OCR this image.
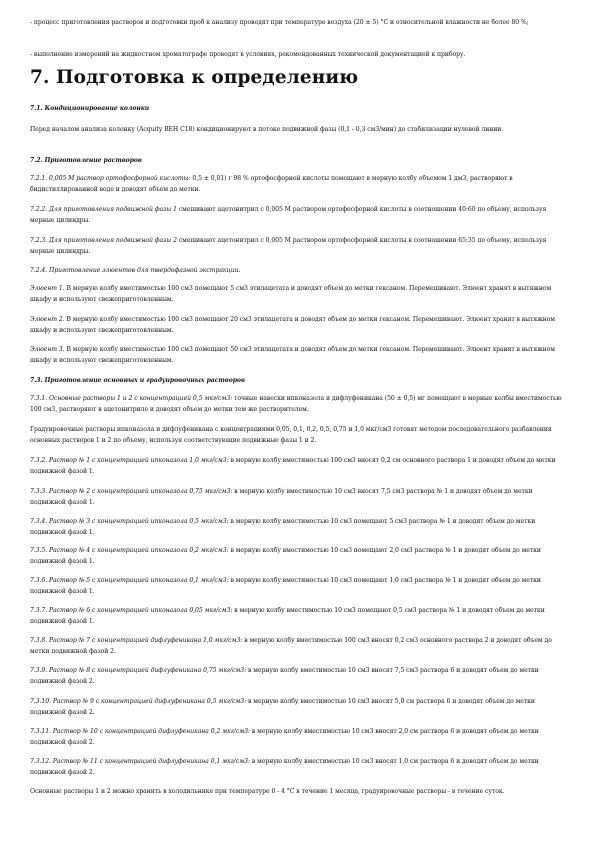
- процесс приготовления растворов и подготовки проб к анализу проводят при температуре воздуха (20 ± 5) °С и относительной влажности не более 80 %;

- выполнение измерений на жидкостном хроматографе проводят в условиях, рекомендованных технической документацией к прибору.

7. Подготовка к определению

7.1. Кондиционирование колонки

Перед началом анализа колонку (Acquity BEH C18) кондиционируют в потоке подвижной фазы (0,1 - 0,3 см3/мин) до стабилизации нулевой линии.

7.2. Приготовление растворов

7.2.1. 0,005 М раствор ортофосфорной кислоты: 0,5 ± 0,01) г 98 % ортофосфорной кислоты помещают в мерную колбу объемом 1 дм3, растворяют в бидистиллированной воде и доводят объем до метки.

7.2.2. Для приготовления подвижной фазы 1 смешивают ацетонитрил с 0,005 М раствором ортофосфорной кислоты в соотношении 40:60 по объему, используя мерные цилиндры.

7.2.3. Для приготовления подвижной фазы 2 смешивают ацетонитрил с 0,005 М раствором ортофосфорной кислоты в соотношении 65:35 по объему, используя мерные цилиндры.

7.2.4. Приготовление элюентов для твердофазной экстракции.

Элюент 1. В мерную колбу вместимостью 100 см3 помещают 5 см3 этилацетата и доводят объем до метки гексаном. Перемешивают. Элюент хранят в вытяжном шкафу и используют свежеприготовленным.

Элюент 2. В мерную колбу вместимостью 100 см3 помещают 20 см3 этилацетата и доводят объем до метки гексаном. Перемешивают. Элюент хранят в вытяжном шкафу и используют свежеприготовленным.

Элюент 3. В мерную колбу вместимостью 100 см3 помещают 50 см3 этилацетата и доводят объем до метки гексаном. Перемешивают. Элюент хранят в вытяжном шкафу и используют свежеприготовленным.

7.3. Приготовление основных и градуировочных растворов

7.3.1. Основные растворы 1 и 2 с концентрацией 0,5 мкг/см3: точные навески ипконазола и дифлуфеникана (50 ± 0,5) мг помещают в мерные колбы вместимостью 100 см3, растворяют в ацетонитриле и доводят объем до метки тем же растворителем.

Градуировочные растворы ипконазола и дифлуфеникана с концентрациями 0,05, 0,1, 0,2, 0,5, 0,75 и 1,0 мкг/см3 готовят методом последовательного разбавления основных растворов 1 и 2 по объему, используя соответствующие подвижные фазы 1 и 2.

7.3.2. Раствор № 1 с концентрацией ипконазола 1,0 мкг/см3: в мерную колбу вместимостью 100 см3 вносят 0,2 см основного раствора 1 и доводят объем до метки подвижной фазой 1.

7.3.3. Раствор № 2 с концентрацией ипконазола 0,75 мкг/см3: в мерную колбу вместимостью 10 см3 вносят 7,5 см3 раствора № 1 и доводят объем до метки подвижной фазой 1.

7.3.4. Раствор № 3 с концентрацией ипконазола 0,5 мкг/см3: в мерную колбу вместимостью 10 см3 помещают 5 см3 раствора № 1 и доводят объем до метки подвижной фазой 1.

7.3.5. Раствор № 4 с концентрацией ипконазола 0,2 мкг/см3: в мерную колбу вместимостью 10 см3 помещают 2,0 см3 раствора № 1 и доводят объем до метки подвижной фазой 1.

7.3.6. Раствор № 5 с концентрацией ипконазола 0,1 мкг/см3: в мерную колбу вместимостью 10 см3 помещают 1,0 см3 раствора № 1 и доводят объем до метки подвижной фазой 1.

7.3.7. Раствор № 6 с концентрацией ипконазола 0,05 мкг/см3: в мерную колбу вместимостью 10 см3 помещают 0,5 см3 раствора № 1 и доводят объем до метки подвижной фазой 1.

7.3.8. Раствор № 7 с концентрацией дифлуфеникана 1,0 мкг/см3: в мерную колбу вместимостью 100 см3 вносят 0,2 см3 основного раствора 2 и доводят объем до метки подвижной фазой 2.

7.3.9. Раствор № 8 с концентрацией дифлуфеникана 0,75 мкг/см3: в мерную колбу вместимостью 10 см3 вносят 7,5 см3 раствора 6 и доводят объем до метки подвижной фазой 2.

7.3.10. Раствор № 9 с концентрацией дифлуфеникана 0,5 мкг/см3: в мерную колбу вместимостью 10 см3 вносят 5,0 см раствора 6 и доводят объем до метки подвижной фазой 2.

7.3.11. Раствор № 10 с концентрацией дифлуфеникана 0,2 мкг/см3: в мерную колбу вместимостью 10 см3 вносят 2,0 см раствора 6 и доводят объем до метки подвижной фазой 2.

7.3.12. Раствор № 11 с концентрацией дифлуфеникана 0,1 мкг/см3: в мерную колбу вместимостью 10 см3 вносят 1,0 см раствора 6 и доводят объем до метки подвижной фазой 2.

Основные растворы 1 и 2 можно хранить в холодильнике при температуре 0 - 4 °С в течение 1 месяца, градуировочные растворы - в течение суток.
